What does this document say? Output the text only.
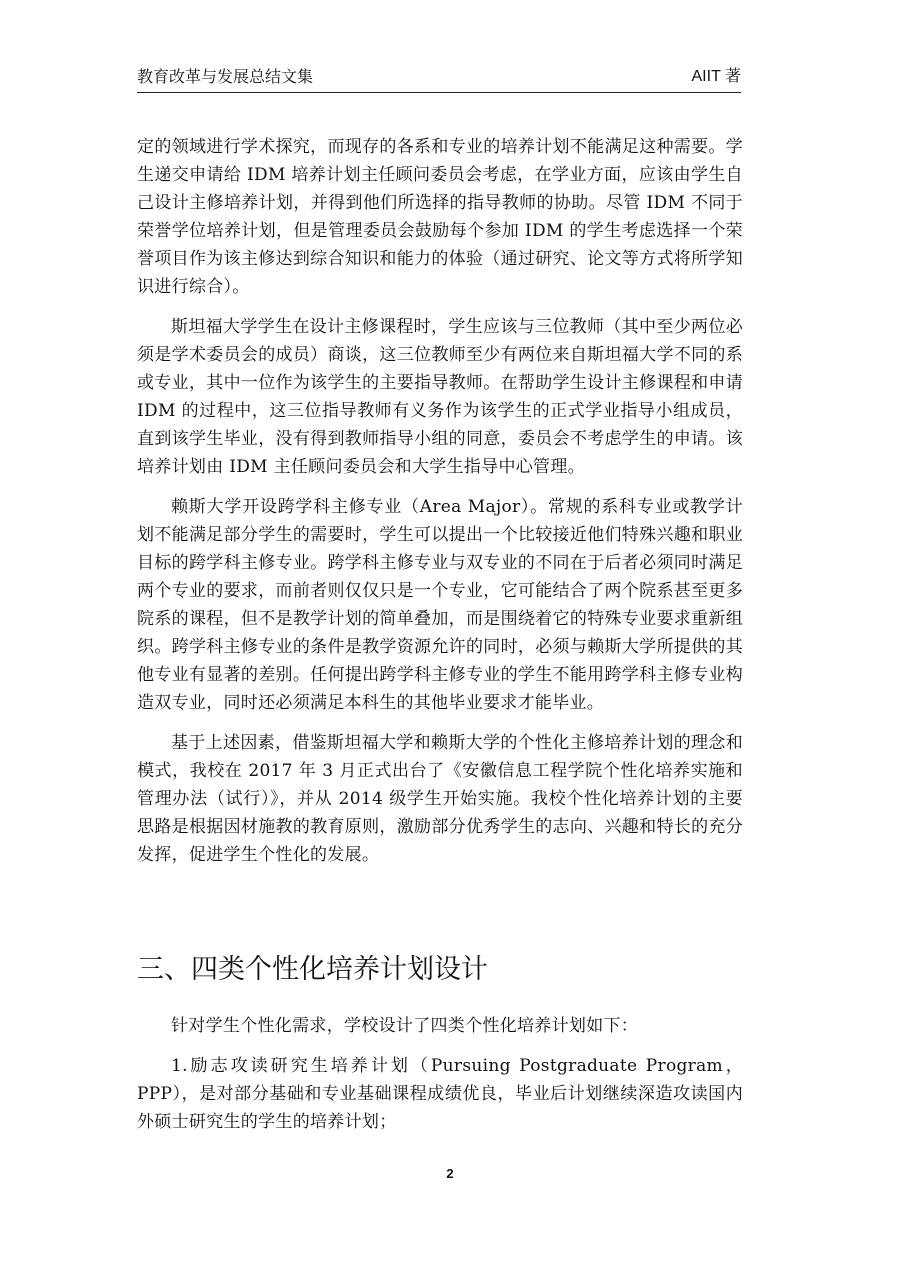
教育改革与发展总结文集	AIIT 著

定的领域进行学术探究，而现存的各系和专业的培养计划不能满足这种需要。学生递交申请给 IDM 培养计划主任顾问委员会考虑，在学业方面，应该由学生自己设计主修培养计划，并得到他们所选择的指导教师的协助。尽管 IDM 不同于荣誉学位培养计划，但是管理委员会鼓励每个参加 IDM 的学生考虑选择一个荣誉项目作为该主修达到综合知识和能力的体验（通过研究、论文等方式将所学知识进行综合）。

斯坦福大学学生在设计主修课程时，学生应该与三位教师（其中至少两位必须是学术委员会的成员）商谈，这三位教师至少有两位来自斯坦福大学不同的系或专业，其中一位作为该学生的主要指导教师。在帮助学生设计主修课程和申请 IDM 的过程中，这三位指导教师有义务作为该学生的正式学业指导小组成员，直到该学生毕业，没有得到教师指导小组的同意，委员会不考虑学生的申请。该培养计划由 IDM 主任顾问委员会和大学生指导中心管理。

赖斯大学开设跨学科主修专业（Area Major）。常规的系科专业或教学计划不能满足部分学生的需要时，学生可以提出一个比较接近他们特殊兴趣和职业目标的跨学科主修专业。跨学科主修专业与双专业的不同在于后者必须同时满足两个专业的要求，而前者则仅仅只是一个专业，它可能结合了两个院系甚至更多院系的课程，但不是教学计划的简单叠加，而是围绕着它的特殊专业要求重新组织。跨学科主修专业的条件是教学资源允许的同时，必须与赖斯大学所提供的其他专业有显著的差别。任何提出跨学科主修专业的学生不能用跨学科主修专业构造双专业，同时还必须满足本科生的其他毕业要求才能毕业。

基于上述因素，借鉴斯坦福大学和赖斯大学的个性化主修培养计划的理念和模式，我校在 2017 年 3 月正式出台了《安徽信息工程学院个性化培养实施和管理办法（试行）》，并从 2014 级学生开始实施。我校个性化培养计划的主要思路是根据因材施教的教育原则，激励部分优秀学生的志向、兴趣和特长的充分发挥，促进学生个性化的发展。

三、四类个性化培养计划设计

针对学生个性化需求，学校设计了四类个性化培养计划如下：

1.励志攻读研究生培养计划（Pursuing Postgraduate Program，PPP），是对部分基础和专业基础课程成绩优良，毕业后计划继续深造攻读国内外硕士研究生的学生的培养计划；

2
